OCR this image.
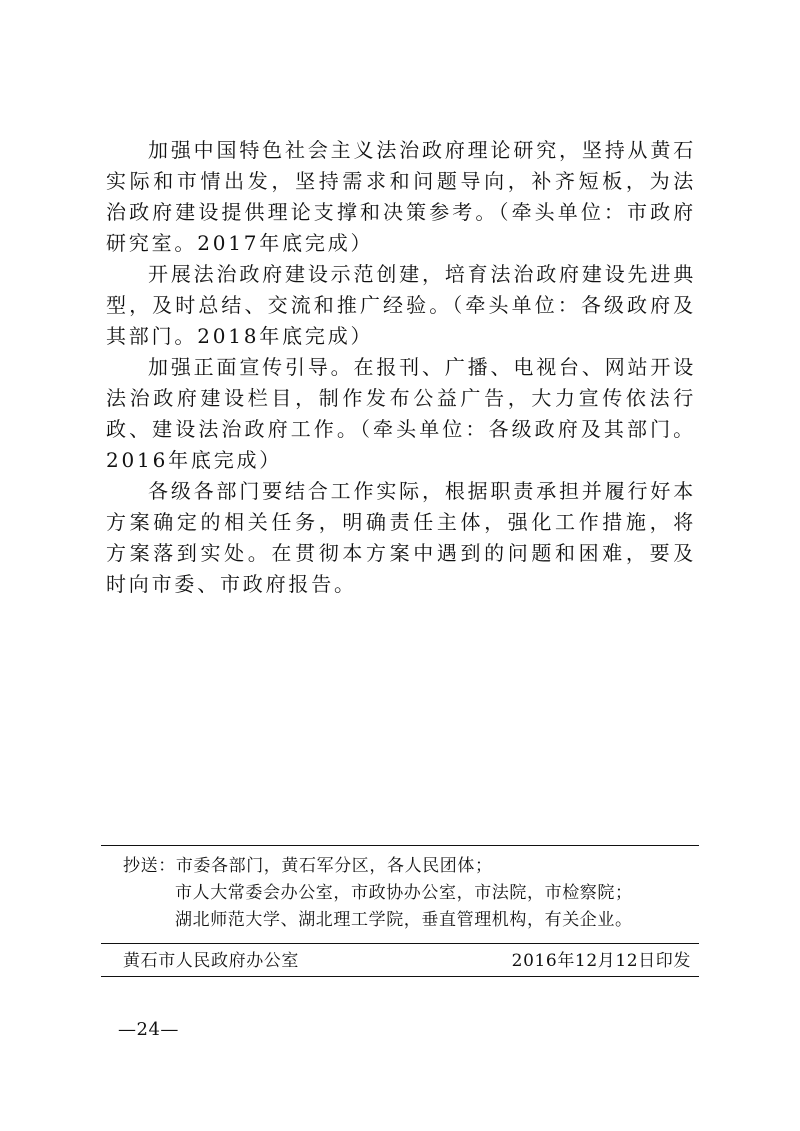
加强中国特色社会主义法治政府理论研究，坚持从黄石实际和市情出发，坚持需求和问题导向，补齐短板，为法治政府建设提供理论支撑和决策参考。（牵头单位：市政府研究室。2017年底完成）

开展法治政府建设示范创建，培育法治政府建设先进典型，及时总结、交流和推广经验。（牵头单位：各级政府及其部门。2018年底完成）

加强正面宣传引导。在报刊、广播、电视台、网站开设法治政府建设栏目，制作发布公益广告，大力宣传依法行政、建设法治政府工作。（牵头单位：各级政府及其部门。2016年底完成）

各级各部门要结合工作实际，根据职责承担并履行好本方案确定的相关任务，明确责任主体，强化工作措施，将方案落到实处。在贯彻本方案中遇到的问题和困难，要及时向市委、市政府报告。

抄送：市委各部门，黄石军分区，各人民团体；
市人大常委会办公室，市政协办公室，市法院，市检察院；
湖北师范大学、湖北理工学院，垂直管理机构，有关企业。
黄石市人民政府办公室	2016年12月12日印发
—24—
